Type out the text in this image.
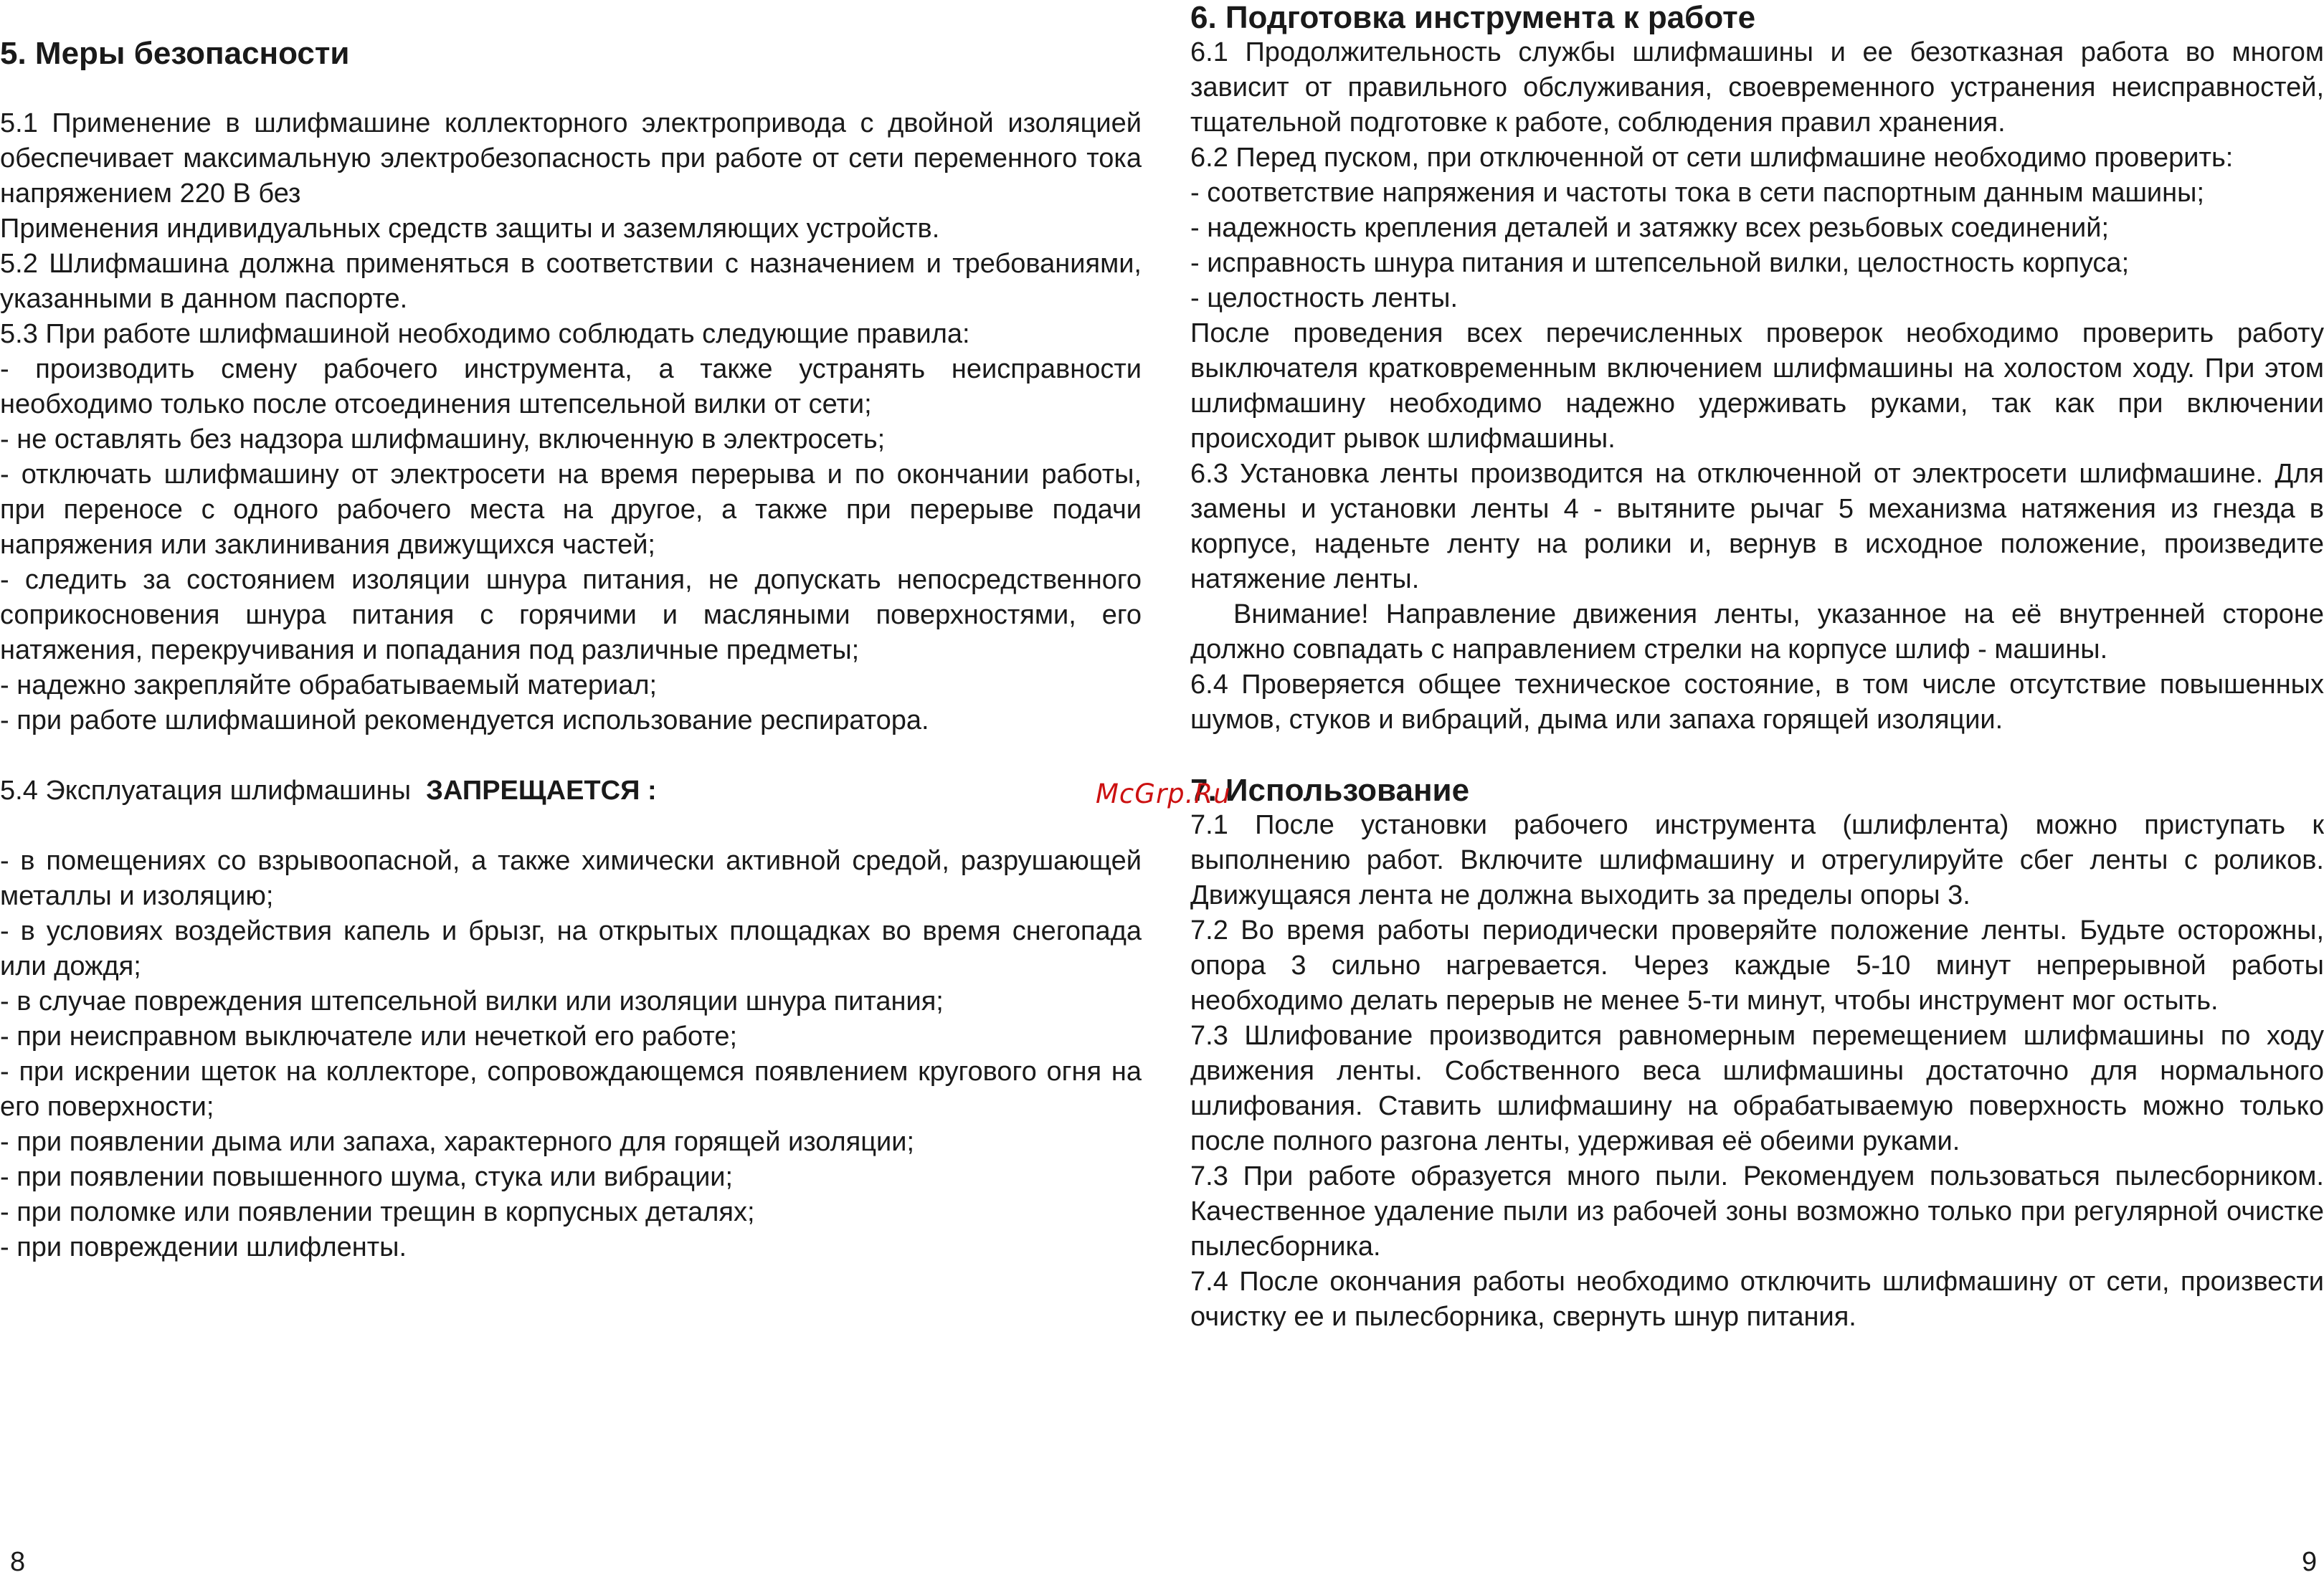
5. Меры безопасности

5.1 Применение в шлифмашине коллекторного электропривода с двойной изоляцией обеспечивает максимальную электробезопасность при работе от сети переменного тока напряжением 220 В без

Применения индивидуальных средств защиты и заземляющих устройств.

5.2 Шлифмашина должна применяться в соответствии с назначением и требованиями, указанными в данном паспорте.

5.3 При работе шлифмашиной необходимо соблюдать следующие правила:

- производить смену рабочего инструмента, а также устранять неисправности необходимо только после отсоединения штепсельной вилки от сети;

- не оставлять без надзора шлифмашину, включенную в электросеть;

- отключать шлифмашину от электросети на время перерыва и по окончании работы, при переносе с одного рабочего места на другое, а также при перерыве подачи напряжения или заклинивания движущихся частей;

- следить за состоянием изоляции шнура питания, не допускать непосредственного соприкосновения шнура питания с горячими и масляными поверхностями, его натяжения, перекручивания и попадания под различные предметы;

- надежно закрепляйте обрабатываемый материал;

- при работе шлифмашиной рекомендуется использование респиратора.

5.4 Эксплуатация шлифмашины ЗАПРЕЩАЕТСЯ :

- в помещениях со взрывоопасной, а также химически активной средой, разрушающей металлы и изоляцию;

- в условиях воздействия капель и брызг, на открытых площадках во время снегопада или дождя;

- в случае повреждения штепсельной вилки или изоляции шнура питания;

- при неисправном выключателе или нечеткой его работе;

- при искрении щеток на коллекторе, сопровождающемся появлением кругового огня на его поверхности;

- при появлении дыма или запаха, характерного для горящей изоляции;

- при появлении повышенного шума, стука или вибрации;

- при поломке или появлении трещин в корпусных деталях;

- при повреждении шлифленты.

8
6. Подготовка инструмента к работе

6.1 Продолжительность службы шлифмашины и ее безотказная работа во многом зависит от правильного обслуживания, своевременного устранения неисправностей, тщательной подготовке к работе, соблюдения правил хранения.

6.2 Перед пуском, при отключенной от сети шлифмашине необходимо проверить:

- соответствие напряжения и частоты тока в сети паспортным данным машины;

- надежность крепления деталей и затяжку всех резьбовых соединений;

- исправность шнура питания и штепсельной вилки, целостность корпуса;

- целостность ленты.

После проведения всех перечисленных проверок необходимо проверить работу выключателя кратковременным включением шлифмашины на холостом ходу. При этом шлифмашину необходимо надежно удерживать руками, так как при включении происходит рывок шлифмашины.

6.3 Установка ленты производится на отключенной от электросети шлифмашине. Для замены и установки ленты 4 - вытяните рычаг 5 механизма натяжения из гнезда в корпусе, наденьте ленту на ролики и, вернув в исходное положение, произведите натяжение ленты.

Внимание! Направление движения ленты, указанное на её внутренней стороне должно совпадать с направлением стрелки на корпусе шлиф - машины.

6.4 Проверяется общее техническое состояние, в том числе отсутствие повышенных шумов, стуков и вибраций, дыма или запаха горящей изоляции.

7. Использование

7.1 После установки рабочего инструмента (шлифлента) можно приступать к выполнению работ. Включите шлифмашину и отрегулируйте сбег ленты с роликов. Движущаяся лента не должна выходить за пределы опоры 3.

7.2 Во время работы периодически проверяйте положение ленты. Будьте осторожны, опора 3 сильно нагревается. Через каждые 5-10 минут непрерывной работы необходимо делать перерыв не менее 5-ти минут, чтобы инструмент мог остыть.

7.3 Шлифование производится равномерным перемещением шлифмашины по ходу движения ленты. Собственного веса шлифмашины достаточно для нормального шлифования. Ставить шлифмашину на обрабатываемую поверхность можно только после полного разгона ленты, удерживая её обеими руками.

7.3 При работе образуется много пыли. Рекомендуем пользоваться пылесборником. Качественное удаление пыли из рабочей зоны возможно только при регулярной очистке пылесборника.

7.4 После окончания работы необходимо отключить шлифмашину от сети, произвести очистку ее и пылесборника, свернуть шнур питания.

9
McGrp.Ru
